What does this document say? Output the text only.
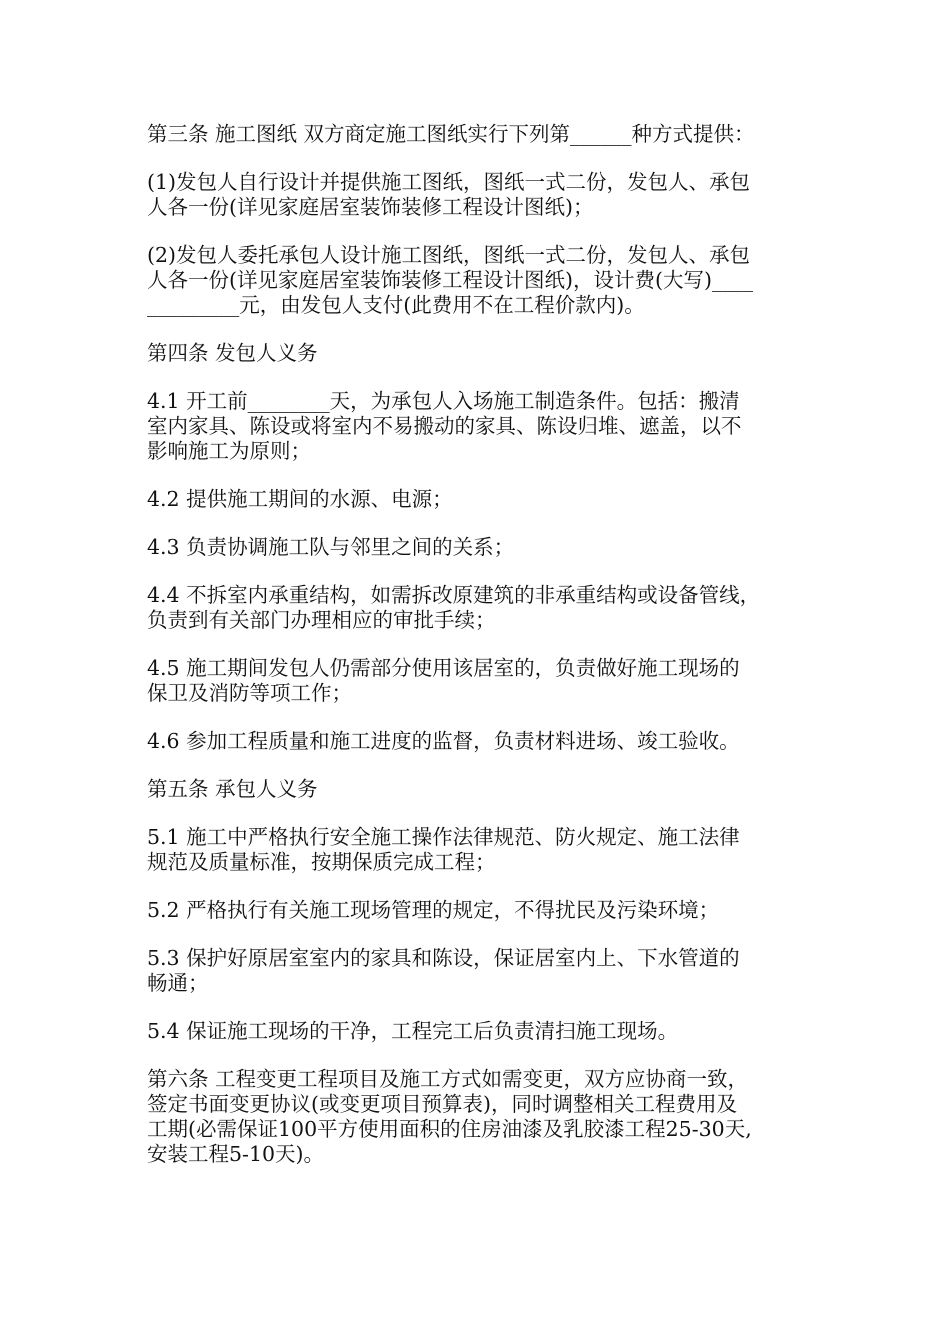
第三条 施工图纸 双方商定施工图纸实行下列第______种方式提供：

(1)发包人自行设计并提供施工图纸，图纸一式二份，发包人、承包
人各一份(详见家庭居室装饰装修工程设计图纸)；

(2)发包人委托承包人设计施工图纸，图纸一式二份，发包人、承包
人各一份(详见家庭居室装饰装修工程设计图纸)，设计费(大写)____
_________元，由发包人支付(此费用不在工程价款内)。

第四条 发包人义务

4.1 开工前________天，为承包人入场施工制造条件。包括：搬清
室内家具、陈设或将室内不易搬动的家具、陈设归堆、遮盖，以不
影响施工为原则；

4.2 提供施工期间的水源、电源；

4.3 负责协调施工队与邻里之间的关系；

4.4 不拆室内承重结构，如需拆改原建筑的非承重结构或设备管线，
负责到有关部门办理相应的审批手续；

4.5 施工期间发包人仍需部分使用该居室的，负责做好施工现场的
保卫及消防等项工作；

4.6 参加工程质量和施工进度的监督，负责材料进场、竣工验收。

第五条 承包人义务

5.1 施工中严格执行安全施工操作法律规范、防火规定、施工法律
规范及质量标准，按期保质完成工程；

5.2 严格执行有关施工现场管理的规定，不得扰民及污染环境；

5.3 保护好原居室室内的家具和陈设，保证居室内上、下水管道的
畅通；

5.4 保证施工现场的干净，工程完工后负责清扫施工现场。

第六条 工程变更工程项目及施工方式如需变更，双方应协商一致，
签定书面变更协议(或变更项目预算表)，同时调整相关工程费用及
工期(必需保证100平方使用面积的住房油漆及乳胶漆工程25-30天,
安装工程5-10天)。
